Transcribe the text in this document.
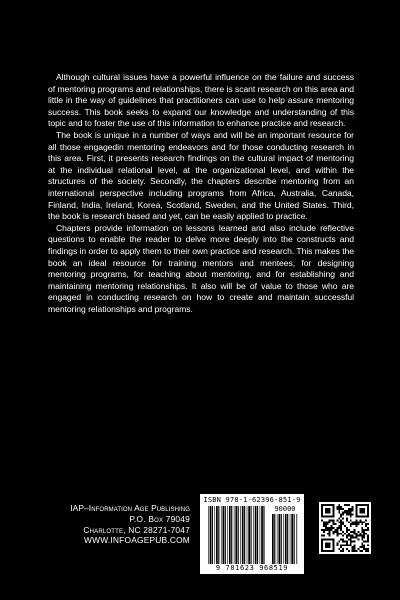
Although cultural issues have a powerful influence on the failure and success of mentoring programs and relationships, there is scant research on this area and little in the way of guidelines that practitioners can use to help assure mentoring success. This book seeks to expand our knowledge and understanding of this topic and to foster the use of this information to enhance practice and research.

The book is unique in a number of ways and will be an important resource for all those engagedin mentoring endeavors and for those conducting research in this area. First, it presents research findings on the cultural impact of mentoring at the individual relational level, at the organizational level, and within the structures of the society. Secondly, the chapters describe mentoring from an international perspective including programs from Africa, Australia, Canada, Finland, India, Ireland, Korea, Scotland, Sweden, and the United States. Third, the book is research based and yet, can be easily applied to practice.

Chapters provide information on lessons learned and also include reflective questions to enable the reader to delve more deeply into the constructs and findings in order to apply them to their own practice and research. This makes the book an ideal resource for training mentors and mentees, for designing mentoring programs, for teaching about mentoring, and for establishing and maintaining mentoring relationships. It also will be of value to those who are engaged in conducting research on how to create and maintain successful mentoring relationships and programs.

IAP–Information Age Publishing
P.O. Box 79049
Charlotte, NC 28271-7047
WWW.INFOAGEPUB.COM
ISBN 978-1-62396-851-9
90000
9 781623 968519
